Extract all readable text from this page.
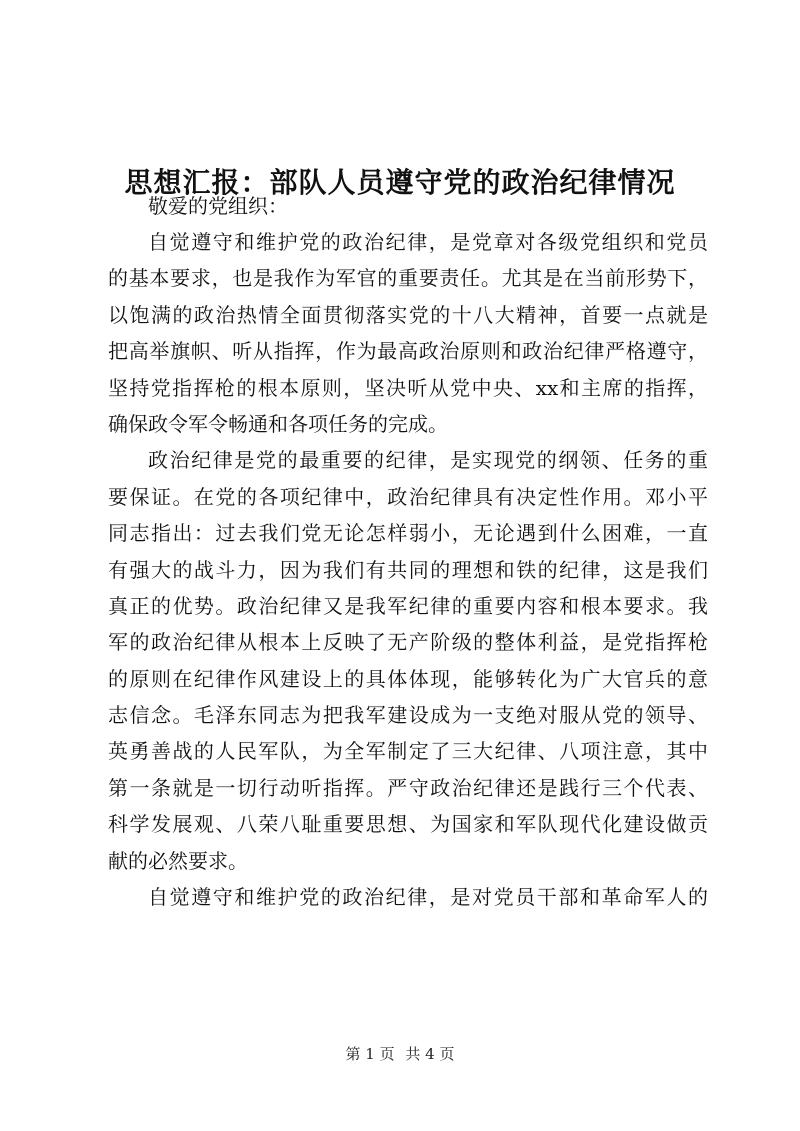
思想汇报：部队人员遵守党的政治纪律情况
敬爱的党组织：

自觉遵守和维护党的政治纪律，是党章对各级党组织和党员
的基本要求，也是我作为军官的重要责任。尤其是在当前形势下，
以饱满的政治热情全面贯彻落实党的十八大精神，首要一点就是
把高举旗帜、听从指挥，作为最高政治原则和政治纪律严格遵守，
坚持党指挥枪的根本原则，坚决听从党中央、xx和主席的指挥，
确保政令军令畅通和各项任务的完成。

政治纪律是党的最重要的纪律，是实现党的纲领、任务的重
要保证。在党的各项纪律中，政治纪律具有决定性作用。邓小平
同志指出：过去我们党无论怎样弱小，无论遇到什么困难，一直
有强大的战斗力，因为我们有共同的理想和铁的纪律，这是我们
真正的优势。政治纪律又是我军纪律的重要内容和根本要求。我
军的政治纪律从根本上反映了无产阶级的整体利益，是党指挥枪
的原则在纪律作风建设上的具体体现，能够转化为广大官兵的意
志信念。毛泽东同志为把我军建设成为一支绝对服从党的领导、
英勇善战的人民军队，为全军制定了三大纪律、八项注意，其中
第一条就是一切行动听指挥。严守政治纪律还是践行三个代表、
科学发展观、八荣八耻重要思想、为国家和军队现代化建设做贡
献的必然要求。

自觉遵守和维护党的政治纪律，是对党员干部和革命军人的

第 1 页 共 4 页
